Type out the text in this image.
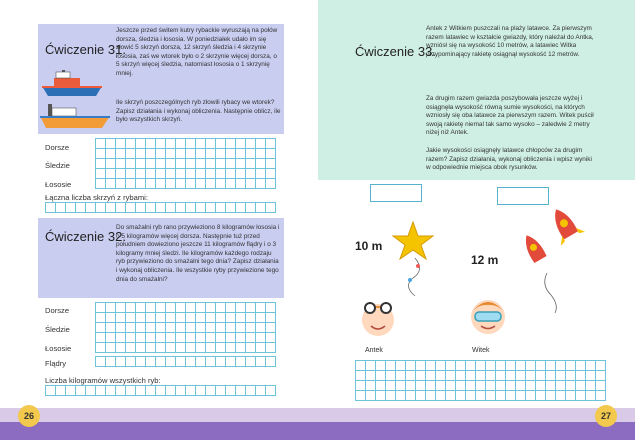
Ćwiczenie 31.
Jeszcze przed świtem kutry rybackie wyruszają na połów dorsza, śledzia i łososia. W poniedziałek udało im się złowić 5 skrzyń dorsza, 12 skrzyń śledzia i 4 skrzynie łososia, zaś we wtorek było o 2 skrzynie więcej dorsza, o 5 skrzyń więcej śledzia, natomiast łososia o 1 skrzynię mniej.
Ile skrzyń poszczególnych ryb złowili rybacy we wtorek? Zapisz działania i wykonaj obliczenia. Następnie oblicz, ile było wszystkich skrzyń.
Dorsze
Śledzie
Łososie
Łączna liczba skrzyń z rybami:
Ćwiczenie 32.
Do smażalni ryb rano przywieziono 8 kilogramów łososia i o 5 kilogramów więcej dorsza. Następnie tuż przed południem dowieziono jeszcze 11 kilogramów flądry i o 3 kilogramy mniej śledzi. Ile kilogramów każdego rodzaju ryb przywieziono do smażalni tego dnia? Zapisz działania i wykonaj obliczenia. Ile wszystkie ryby przywiezione tego dnia do smażalni?
Dorsze
Śledzie
Łososie
Flądry
Liczba kilogramów wszystkich ryb:
Ćwiczenie 33.
Antek z Witkiem puszczali na plaży latawce. Za pierwszym razem latawiec w kształcie gwiazdy, który należał do Antka, wzniósł się na wysokość 10 metrów, a latawiec Witka przypominający rakietę osiągnął wysokość 12 metrów.
Za drugim razem gwiazda poszybowała jeszcze wyżej i osiągnęła wysokość równą sumie wysokości, na których wzniosły się oba latawce za pierwszym razem. Witek puścił swoją rakietę niemal tak samo wysoko – zaledwie 2 metry niżej niż Antek.
Jakie wysokości osiągnęły latawce chłopców za drugim razem? Zapisz działania, wykonaj obliczenia i wpisz wyniki w odpowiednie miejsca obok rysunków.
10 m
12 m
Antek	Witek
26	27
